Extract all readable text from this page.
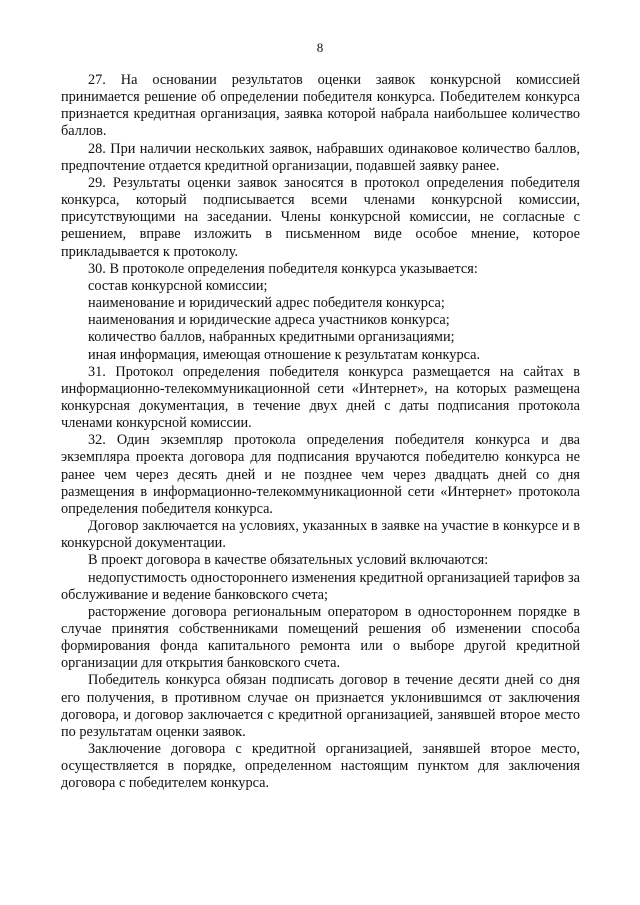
8

27. На основании результатов оценки заявок конкурсной комиссией принимается решение об определении победителя конкурса. Победителем конкурса признается кредитная организация, заявка которой набрала наибольшее количество баллов.

28. При наличии нескольких заявок, набравших одинаковое количество баллов, предпочтение отдается кредитной организации, подавшей заявку ранее.

29. Результаты оценки заявок заносятся в протокол определения победителя конкурса, который подписывается всеми членами конкурсной комиссии, присутствующими на заседании. Члены конкурсной комиссии, не согласные с решением, вправе изложить в письменном виде особое мнение, которое прикладывается к протоколу.

30. В протоколе определения победителя конкурса указывается:

состав конкурсной комиссии;

наименование и юридический адрес победителя конкурса;

наименования и юридические адреса участников конкурса;

количество баллов, набранных кредитными организациями;

иная информация, имеющая отношение к результатам конкурса.

31. Протокол определения победителя конкурса размещается на сайтах в информационно-телекоммуникационной сети «Интернет», на которых размещена конкурсная документация, в течение двух дней с даты подписания протокола членами конкурсной комиссии.

32. Один экземпляр протокола определения победителя конкурса и два экземпляра проекта договора для подписания вручаются победителю конкурса не ранее чем через десять дней и не позднее чем через двадцать дней со дня размещения в информационно-телекоммуникационной сети «Интернет» протокола определения победителя конкурса.

Договор заключается на условиях, указанных в заявке на участие в конкурсе и в конкурсной документации.

В проект договора в качестве обязательных условий включаются:

недопустимость одностороннего изменения кредитной организацией тарифов за обслуживание и ведение банковского счета;

расторжение договора региональным оператором в одностороннем порядке в случае принятия собственниками помещений решения об изменении способа формирования фонда капитального ремонта или о выборе другой кредитной организации для открытия банковского счета.

Победитель конкурса обязан подписать договор в течение десяти дней со дня его получения, в противном случае он признается уклонившимся от заключения договора, и договор заключается с кредитной организацией, занявшей второе место по результатам оценки заявок.

Заключение договора с кредитной организацией, занявшей второе место, осуществляется в порядке, определенном настоящим пунктом для заключения договора с победителем конкурса.
